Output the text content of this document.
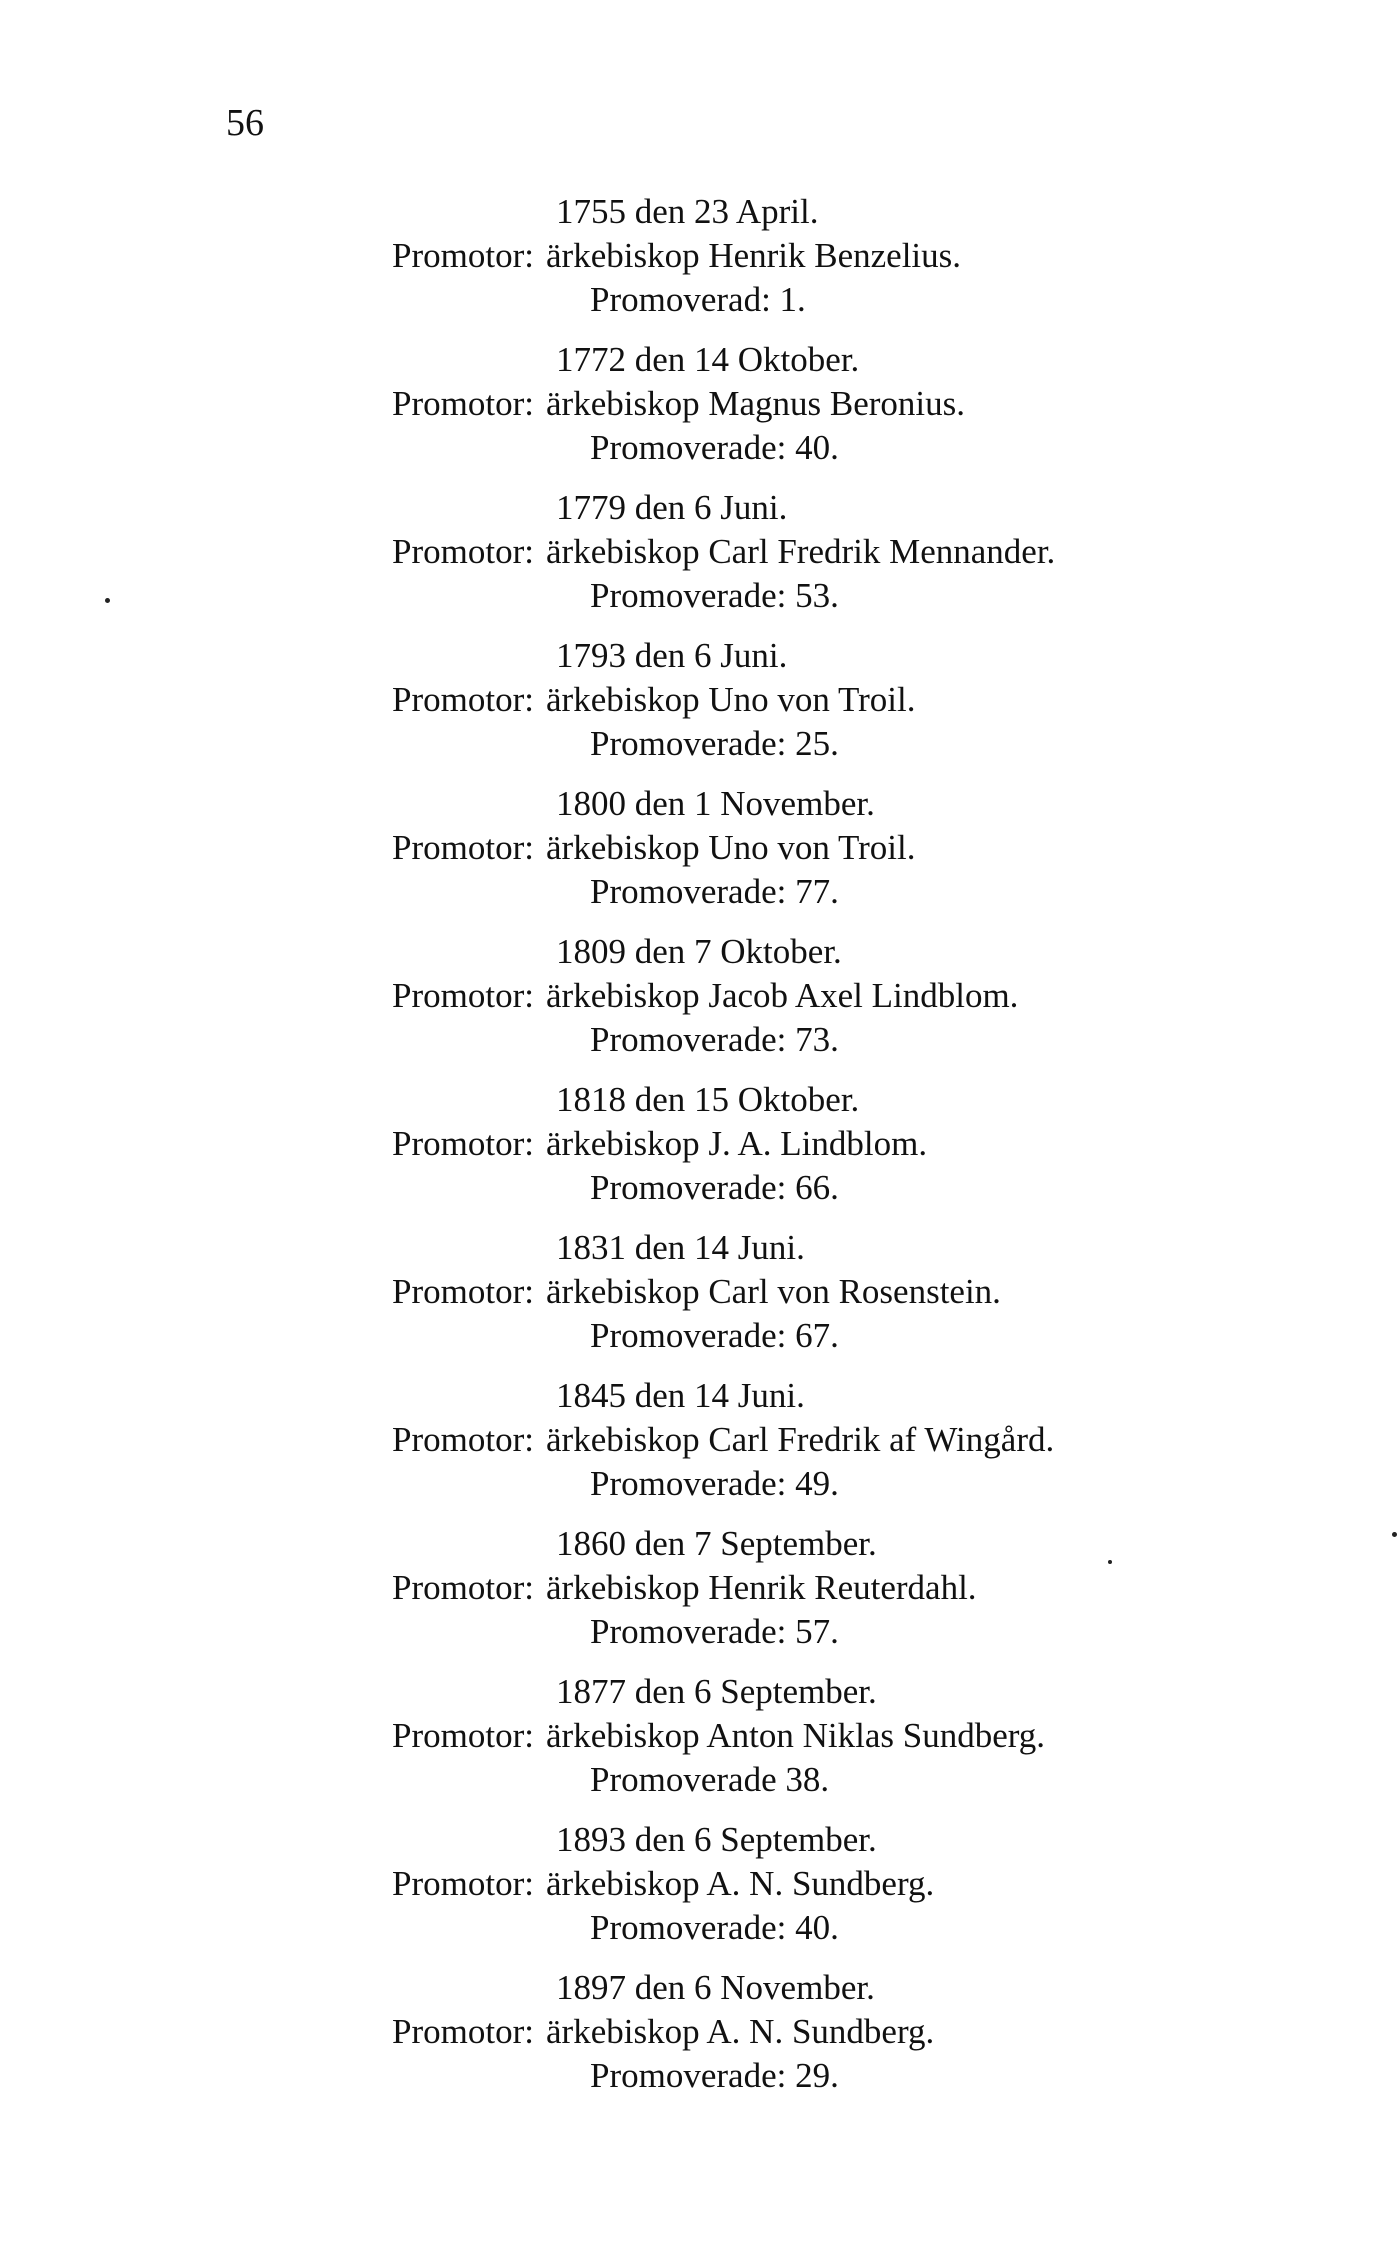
56
1755 den 23 April.
Promotor: ärkebiskop Henrik Benzelius.
Promoverad: 1.
1772 den 14 Oktober.
Promotor: ärkebiskop Magnus Beronius.
Promoverade: 40.
1779 den 6 Juni.
Promotor: ärkebiskop Carl Fredrik Mennander.
Promoverade: 53.
1793 den 6 Juni.
Promotor: ärkebiskop Uno von Troil.
Promoverade: 25.
1800 den 1 November.
Promotor: ärkebiskop Uno von Troil.
Promoverade: 77.
1809 den 7 Oktober.
Promotor: ärkebiskop Jacob Axel Lindblom.
Promoverade: 73.
1818 den 15 Oktober.
Promotor: ärkebiskop J. A. Lindblom.
Promoverade: 66.
1831 den 14 Juni.
Promotor: ärkebiskop Carl von Rosenstein.
Promoverade: 67.
1845 den 14 Juni.
Promotor: ärkebiskop Carl Fredrik af Wingård.
Promoverade: 49.
1860 den 7 September.
Promotor: ärkebiskop Henrik Reuterdahl.
Promoverade: 57.
1877 den 6 September.
Promotor: ärkebiskop Anton Niklas Sundberg.
Promoverade 38.
1893 den 6 September.
Promotor: ärkebiskop A. N. Sundberg.
Promoverade: 40.
1897 den 6 November.
Promotor: ärkebiskop A. N. Sundberg.
Promoverade: 29.
